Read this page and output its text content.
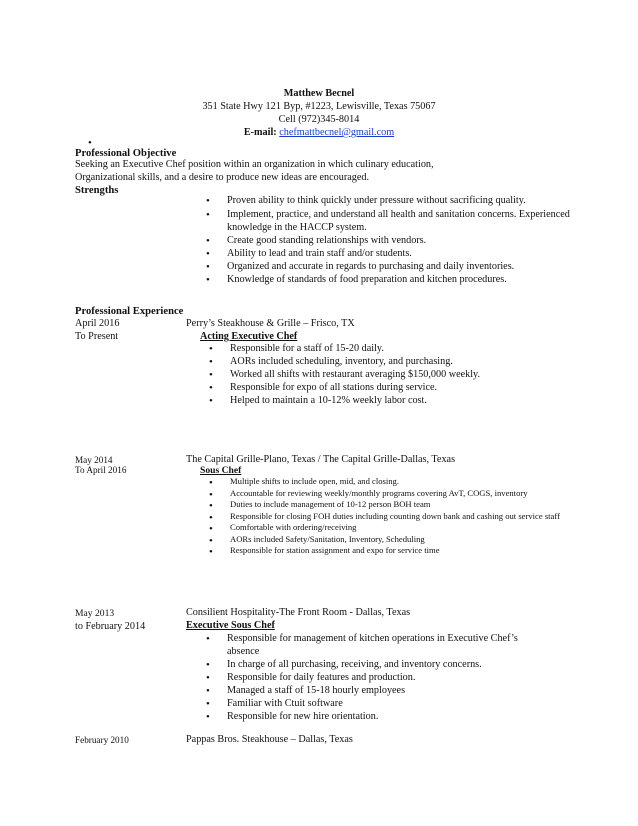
Matthew Becnel
351 State Hwy 121 Byp, #1223, Lewisville, Texas 75067
Cell (972)345-8014
E-mail: chefmattbecnel@gmail.com
•
Professional Objective
Seeking an Executive Chef position within an organization in which culinary education,
Organizational skills, and a desire to produce new ideas are encouraged.
Strengths
• Proven ability to think quickly under pressure without sacrificing quality.
• Implement, practice, and understand all health and sanitation concerns. Experienced knowledge in the HACCP system.
• Create good standing relationships with vendors.
• Ability to lead and train staff and/or students.
• Organized and accurate in regards to purchasing and daily inventories.
• Knowledge of standards of food preparation and kitchen procedures.
Professional Experience
April 2016
To Present
Perry’s Steakhouse & Grille – Frisco, TX
Acting Executive Chef
• Responsible for a staff of 15-20 daily.
• AORs included scheduling, inventory, and purchasing.
• Worked all shifts with restaurant averaging $150,000 weekly.
• Responsible for expo of all stations during service.
• Helped to maintain a 10-12% weekly labor cost.
May 2014
To April 2016
The Capital Grille-Plano, Texas / The Capital Grille-Dallas, Texas
Sous Chef
• Multiple shifts to include open, mid, and closing.
• Accountable for reviewing weekly/monthly programs covering AvT, COGS, inventory
• Duties to include management of 10-12 person BOH team
• Responsible for closing FOH duties including counting down bank and cashing out service staff
• Comfortable with ordering/receiving
• AORs included Safety/Sanitation, Inventory, Scheduling
• Responsible for station assignment and expo for service time
May 2013
to February 2014
Consilient Hospitality-The Front Room - Dallas, Texas
Executive Sous Chef
• Responsible for management of kitchen operations in Executive Chef’s absence
• In charge of all purchasing, receiving, and inventory concerns.
• Responsible for daily features and production.
• Managed a staff of 15-18 hourly employees
• Familiar with Ctuit software
• Responsible for new hire orientation.
February 2010	Pappas Bros. Steakhouse – Dallas, Texas
